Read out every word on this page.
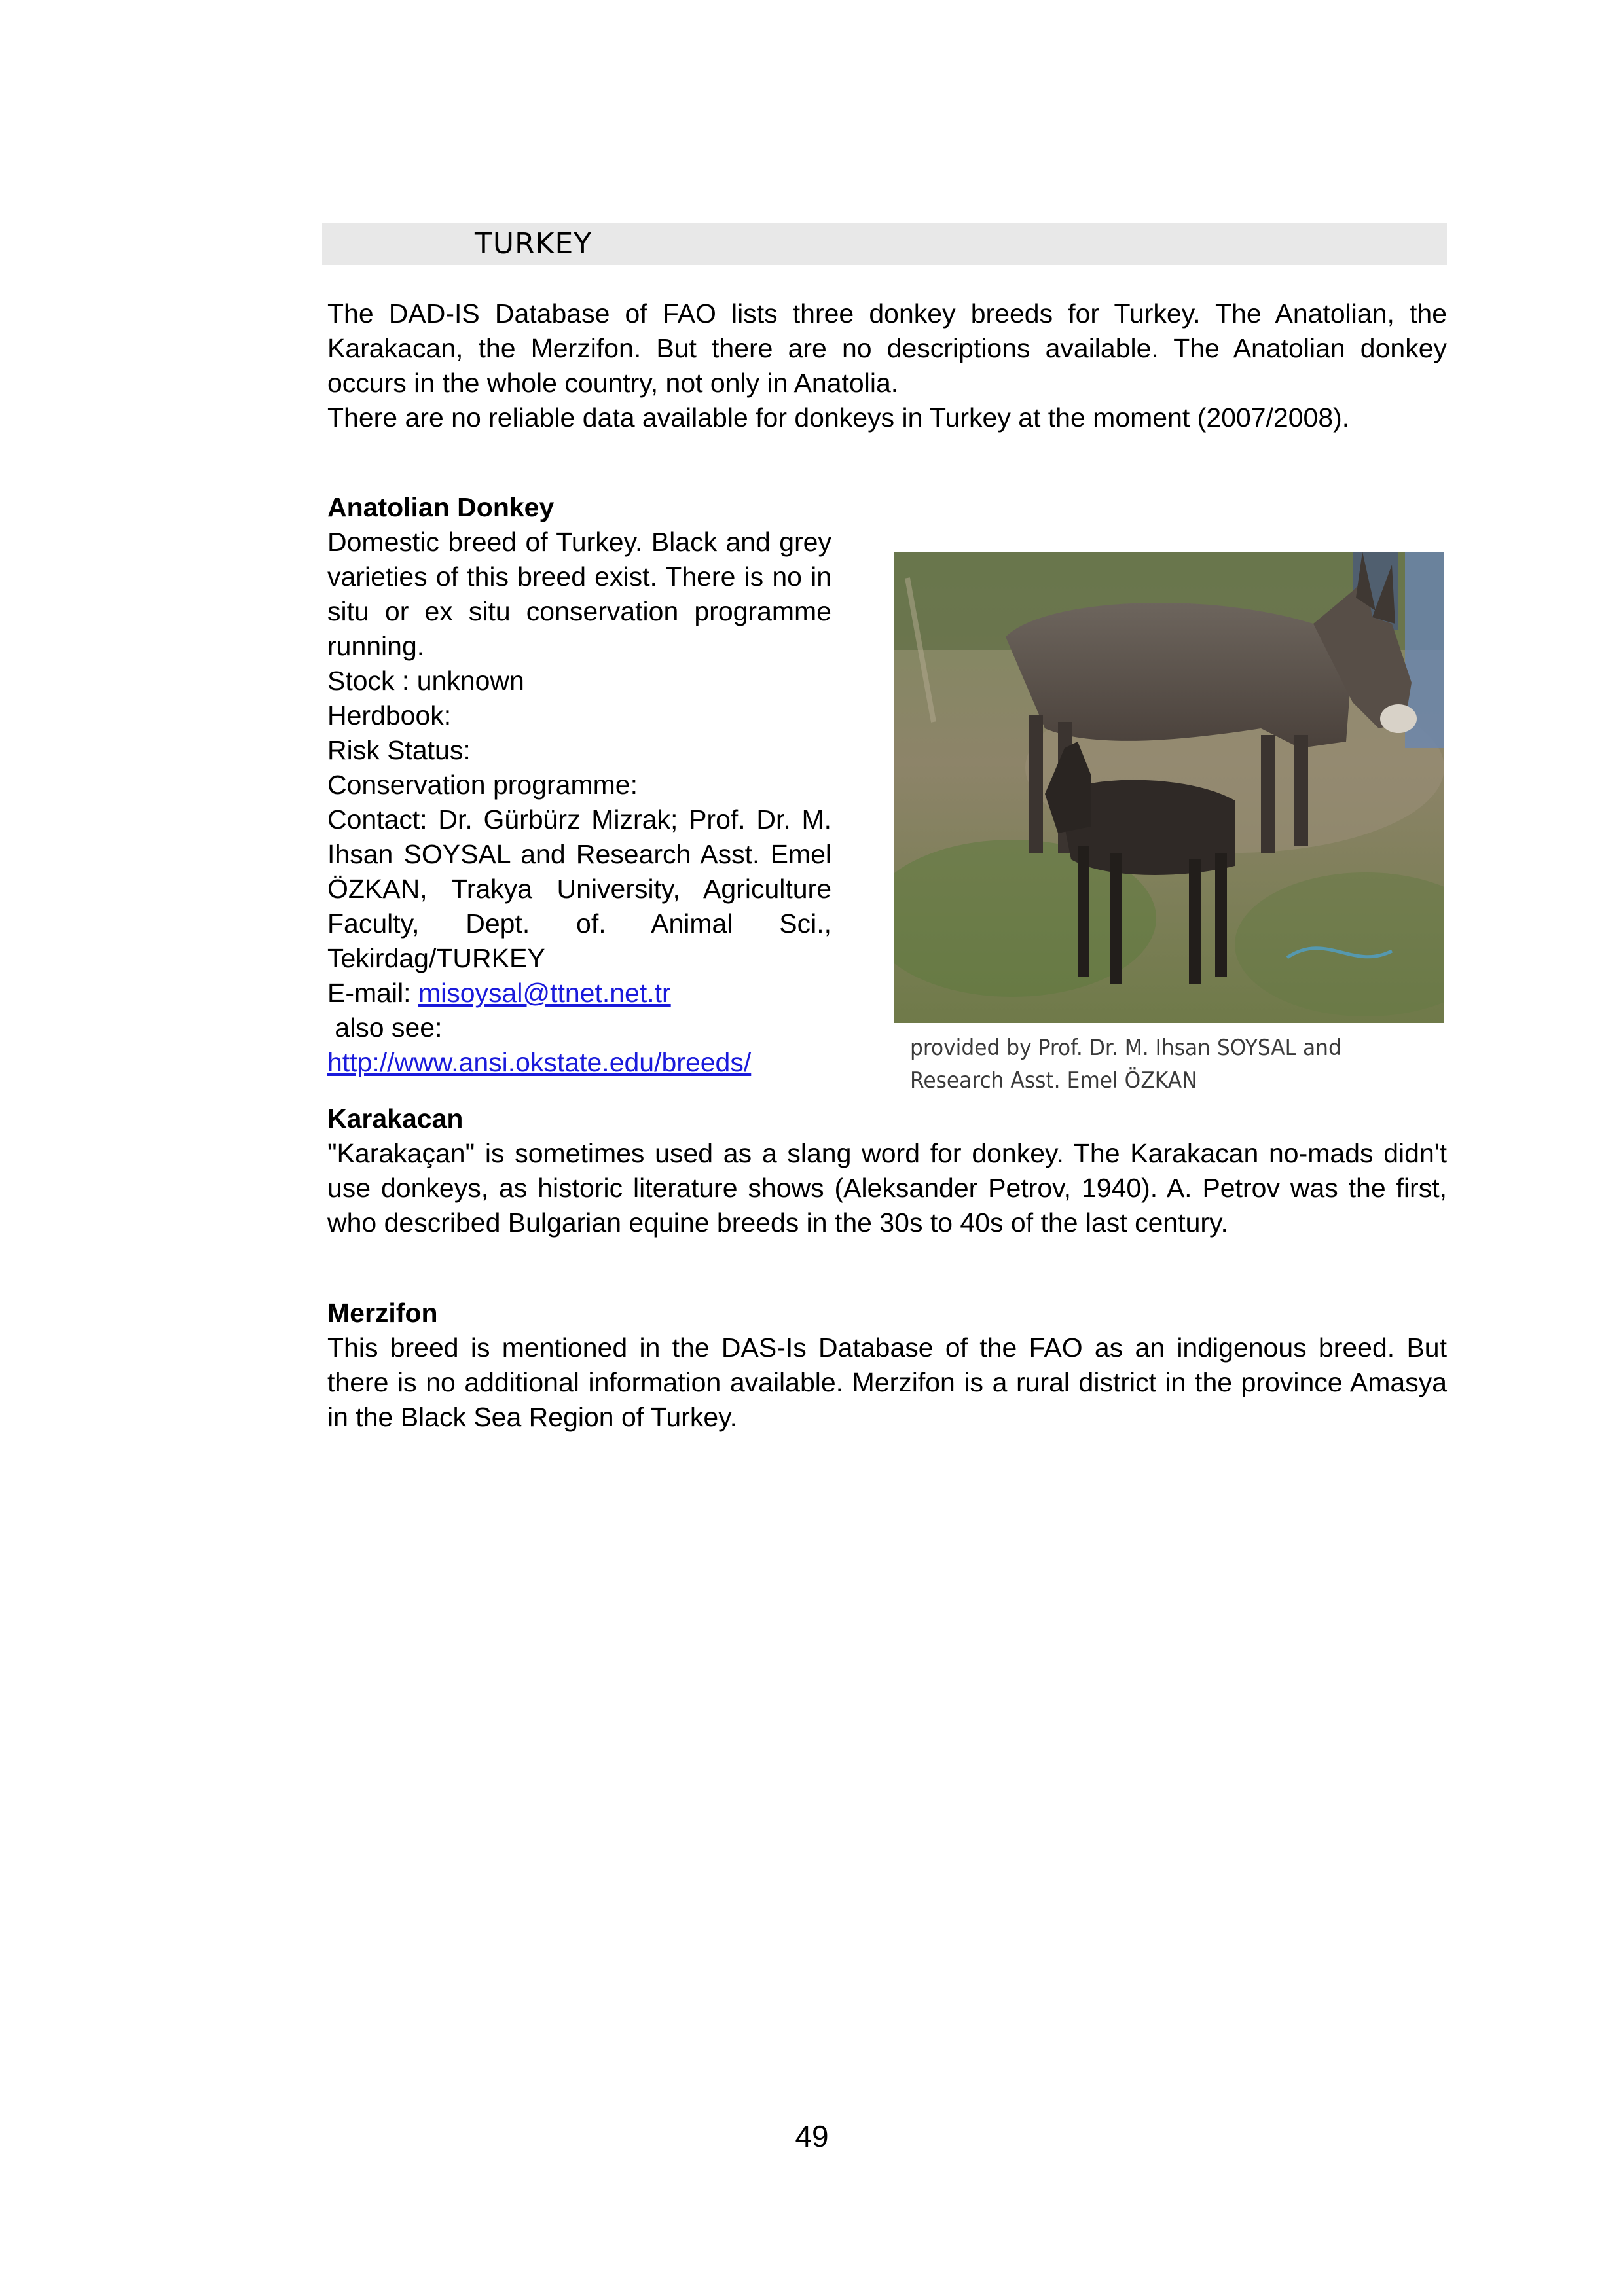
TURKEY

The DAD-IS Database of FAO lists three donkey breeds for Turkey. The Anatolian, the Karakacan, the Merzifon. But there are no descriptions available. The Anatolian donkey occurs in the whole country, not only in Anatolia.

There are no reliable data available for donkeys in Turkey at the moment (2007/2008).

Anatolian Donkey

Domestic breed of Turkey. Black and grey varieties of this breed exist. There is no in situ or ex situ conservation programme running.

Stock : unknown

Herdbook:

Risk Status:

Conservation programme:

Contact: Dr. Gürbürz Mizrak; Prof. Dr. M. Ihsan SOYSAL and Research Asst. Emel ÖZKAN, Trakya University, Agriculture Faculty, Dept. of. Animal Sci., Tekirdag/TURKEY

E-mail: misoysal@ttnet.net.tr

also see:

http://www.ansi.okstate.edu/breeds/	provided by Prof. Dr. M. Ihsan SOYSAL and
Research Asst. Emel ÖZKAN

Karakacan

"Karakaçan" is sometimes used as a slang word for donkey. The Karakacan no-mads didn't use donkeys, as historic literature shows (Aleksander Petrov, 1940). A. Petrov was the first, who described Bulgarian equine breeds in the 30s to 40s of the last century.

Merzifon

This breed is mentioned in the DAS-Is Database of the FAO as an indigenous breed. But there is no additional information available. Merzifon is a rural district in the province Amasya in the Black Sea Region of Turkey.

49
